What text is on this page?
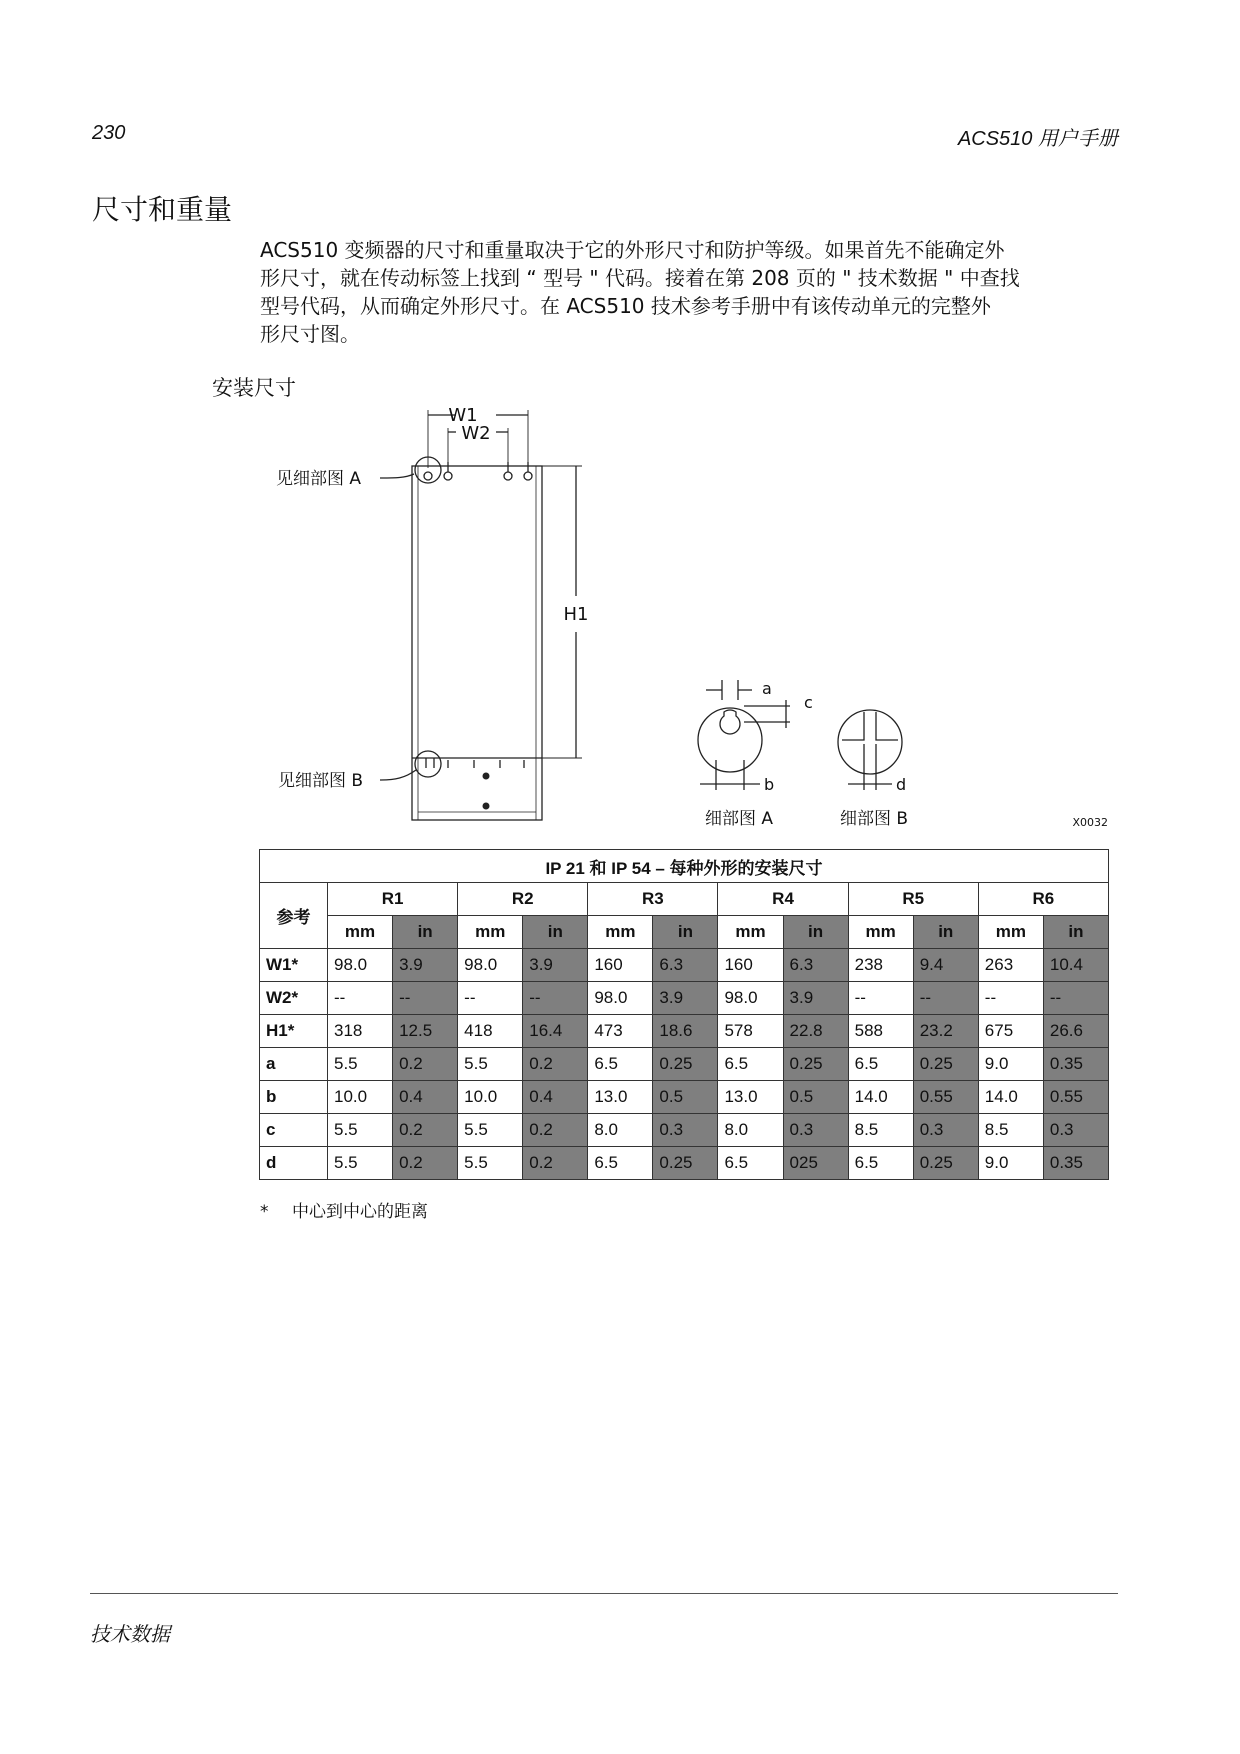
230	ACS510 用户手册
尺寸和重量
ACS510 变频器的尺寸和重量取决于它的外形尺寸和防护等级。如果首先不能确定外
形尺寸，就在传动标签上找到 “ 型号 " 代码。接着在第 208 页的 " 技术数据 " 中查找
型号代码，从而确定外形尺寸。在 ACS510 技术参考手册中有该传动单元的完整外
形尺寸图。
安装尺寸
W1
W2
H1
见细部图 A
见细部图 B
a
c
b	d
细部图 A	细部图 B	X0032
IP 21 和 IP 54 – 每种外形的安装尺寸												
参考	R1		R2		R3		R4		R5		R6	
	mm	in	mm	in	mm	in	mm	in	mm	in	mm	in
W1*	98.0	3.9	98.0	3.9	160	6.3	160	6.3	238	9.4	263	10.4
W2*	--	--	--	--	98.0	3.9	98.0	3.9	--	--	--	--
H1*	318	12.5	418	16.4	473	18.6	578	22.8	588	23.2	675	26.6
a	5.5	0.2	5.5	0.2	6.5	0.25	6.5	0.25	6.5	0.25	9.0	0.35
b	10.0	0.4	10.0	0.4	13.0	0.5	13.0	0.5	14.0	0.55	14.0	0.55
c	5.5	0.2	5.5	0.2	8.0	0.3	8.0	0.3	8.5	0.3	8.5	0.3
d	5.5	0.2	5.5	0.2	6.5	0.25	6.5	025	6.5	0.25	9.0	0.35
* 中心到中心的距离
技术数据
